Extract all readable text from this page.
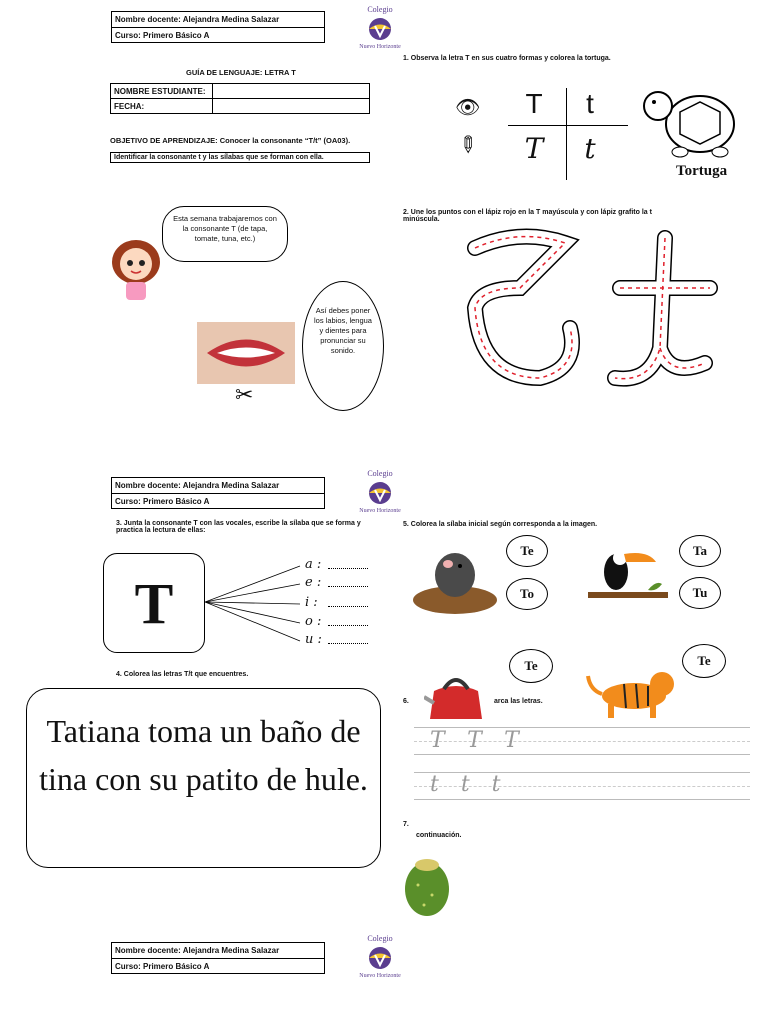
Nombre docente: Alejandra Medina Salazar
Curso: Primero Básico A
Colegio
Nuevo Horizonte
GUÍA DE LENGUAJE: LETRA T
NOMBRE ESTUDIANTE:	
FECHA:	
OBJETIVO DE APRENDIZAJE: Conocer la consonante “T/t” (OA03).
Identificar la consonante t y las sílabas que se forman con ella.
Esta semana trabajaremos con la consonante T (de tapa, tomate, tuna, etc.)
✂
Así debes poner los labios, lengua y dientes para pronunciar su sonido.
1. Observa la letra T en sus cuatro formas y colorea la tortuga.
👁
✎
T	t
T	t
Tortuga
2. Une los puntos con el lápiz rojo en la T mayúscula y con lápiz grafito la t minúscula.
Nombre docente: Alejandra Medina Salazar
Curso: Primero Básico A
Colegio
Nuevo Horizonte
3. Junta la consonante T con las vocales, escribe la sílaba que se forma y practica la lectura de ellas:
T
a :
e :
i :
o :
u :
4. Colorea las letras T/t que encuentres.
Tatiana toma un baño de tina con su patito de hule.
5. Colorea la sílaba inicial según corresponda a la imagen.
Te
To
Ta
Tu
Te
6.	arca las letras.
Te
TTT
ttt
7.
continuación.
Nombre docente: Alejandra Medina Salazar
Curso: Primero Básico A
Colegio
Nuevo Horizonte
